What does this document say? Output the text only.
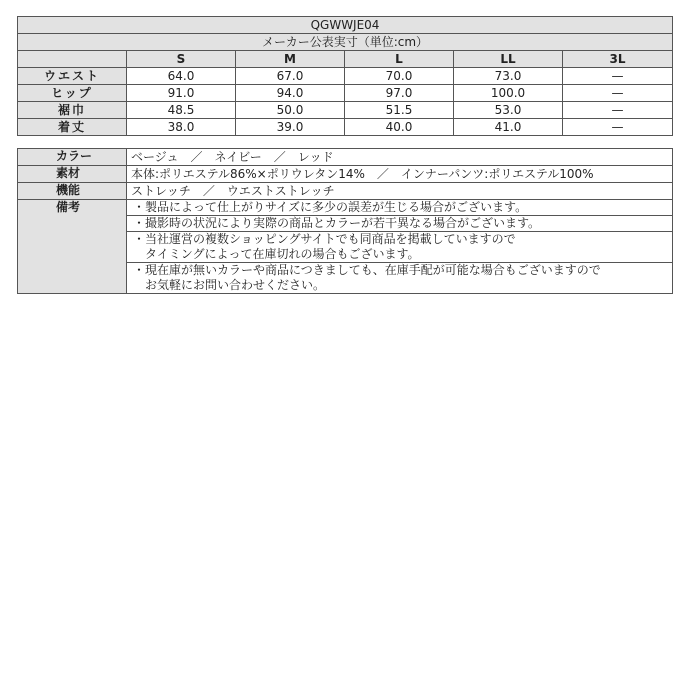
QGWWJE04					
メーカー公表実寸（単位:cm）					
	S	M	L	LL	3L
ウエスト	64.0	67.0	70.0	73.0	—
ヒップ	91.0	94.0	97.0	100.0	—
裾巾	48.5	50.0	51.5	53.0	—
着丈	38.0	39.0	40.0	41.0	—
カラー	ベージュ　／　ネイビー　／　レッド
素材	本体:ポリエステル86%×ポリウレタン14%　／　インナーパンツ:ポリエステル100%
機能	ストレッチ　／　ウエストストレッチ
備考	・製品によって仕上がりサイズに多少の誤差が生じる場合がございます。

	・撮影時の状況により実際の商品とカラーが若干異なる場合がございます。

	・当社運営の複数ショッピングサイトでも同商品を掲載していますので
　タイミングによって在庫切れの場合もございます。

	・現在庫が無いカラーや商品につきましても、在庫手配が可能な場合もございますので
　お気軽にお問い合わせください。
